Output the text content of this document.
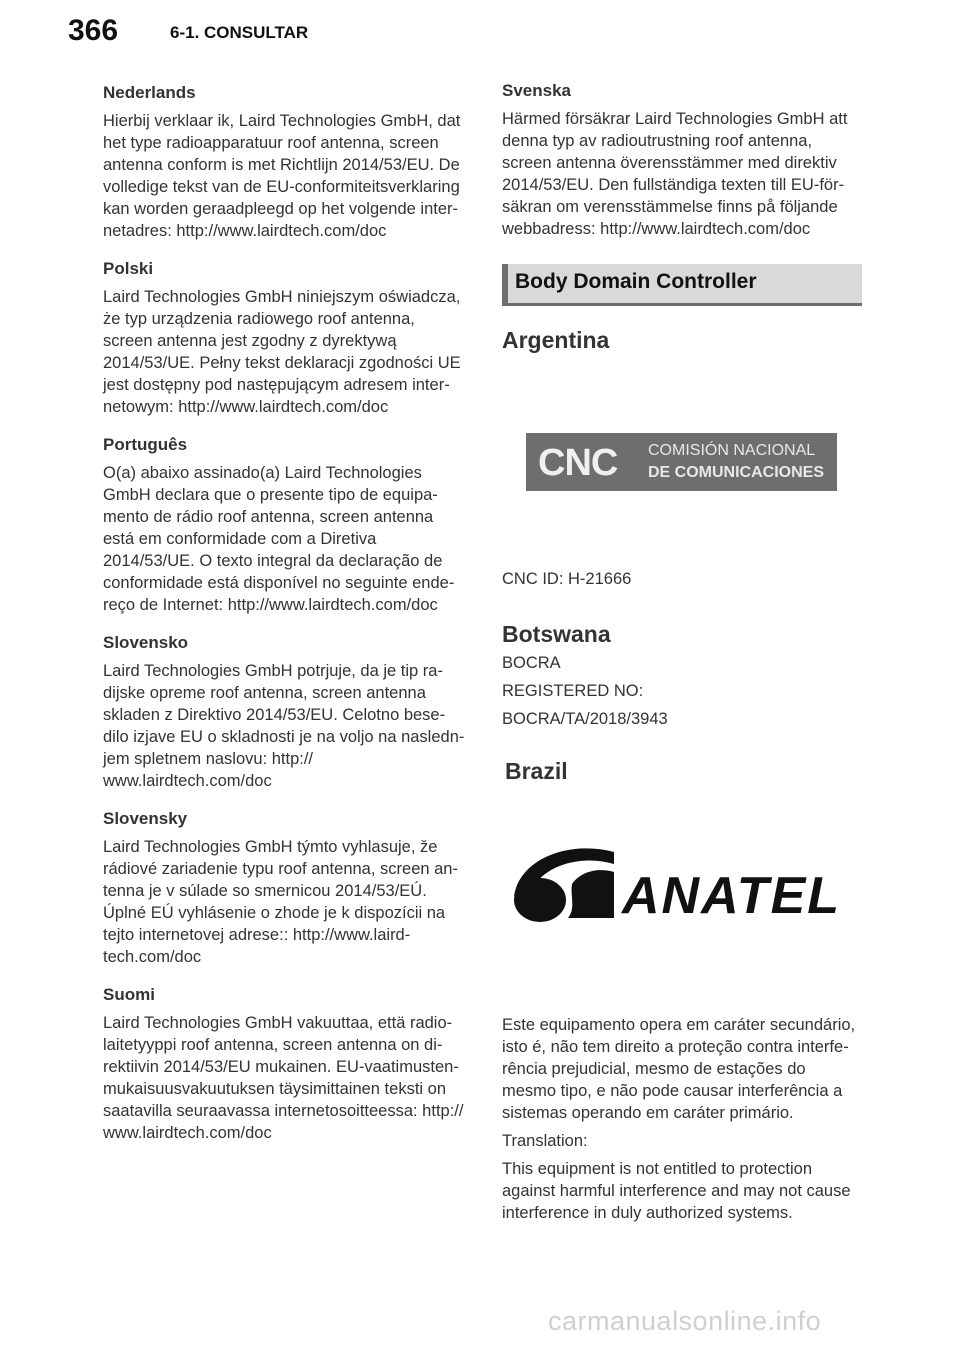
366	6-1. CONSULTAR

Nederlands

Hierbij verklaar ik, Laird Technologies GmbH, dat
het type radioapparatuur roof antenna, screen
antenna conform is met Richtlijn 2014/53/EU. De
volledige tekst van de EU-conformiteitsverklaring
kan worden geraadpleegd op het volgende inter-
netadres: http://www.lairdtech.com/doc

Polski

Laird Technologies GmbH niniejszym oświadcza,
że typ urządzenia radiowego roof antenna,
screen antenna jest zgodny z dyrektywą
2014/53/UE. Pełny tekst deklaracji zgodności UE
jest dostępny pod następującym adresem inter-
netowym: http://www.lairdtech.com/doc

Português

O(a) abaixo assinado(a) Laird Technologies
GmbH declara que o presente tipo de equipa-
mento de rádio roof antenna, screen antenna
está em conformidade com a Diretiva
2014/53/UE. O texto integral da declaração de
conformidade está disponível no seguinte ende-
reço de Internet: http://www.lairdtech.com/doc

Slovensko

Laird Technologies GmbH potrjuje, da je tip ra-
dijske opreme roof antenna, screen antenna
skladen z Direktivo 2014/53/EU. Celotno bese-
dilo izjave EU o skladnosti je na voljo na nasledn-
jem spletnem naslovu: http://
www.lairdtech.com/doc

Slovensky

Laird Technologies GmbH týmto vyhlasuje, že
rádiové zariadenie typu roof antenna, screen an-
tenna je v súlade so smernicou 2014/53/EÚ.
Úplné EÚ vyhlásenie o zhode je k dispozícii na
tejto internetovej adrese:: http://www.laird-
tech.com/doc

Suomi

Laird Technologies GmbH vakuuttaa, että radio-
laitetyyppi roof antenna, screen antenna on di-
rektiivin 2014/53/EU mukainen. EU-vaatimusten-
mukaisuusvakuutuksen täysimittainen teksti on
saatavilla seuraavassa internetosoitteessa: http://
www.lairdtech.com/doc

Svenska

Härmed försäkrar Laird Technologies GmbH att
denna typ av radioutrustning roof antenna,
screen antenna överensstämmer med direktiv
2014/53/EU. Den fullständiga texten till EU-för-
säkran om verensstämmelse finns på följande
webbadress: http://www.lairdtech.com/doc

Body Domain Controller

Argentina

CNC COMISIÓN NACIONAL
DE COMUNICACIONES
CNC ID: H-21666

Botswana

BOCRA
REGISTERED NO:
BOCRA/TA/2018/3943

Brazil

ANATEL

Este equipamento opera em caráter secundário,
isto é, não tem direito a proteção contra interfe-
rência prejudicial, mesmo de estações do
mesmo tipo, e não pode causar interferência a
sistemas operando em caráter primário.

Translation:

This equipment is not entitled to protection
against harmful interference and may not cause
interference in duly authorized systems.

carmanualsonline.info
